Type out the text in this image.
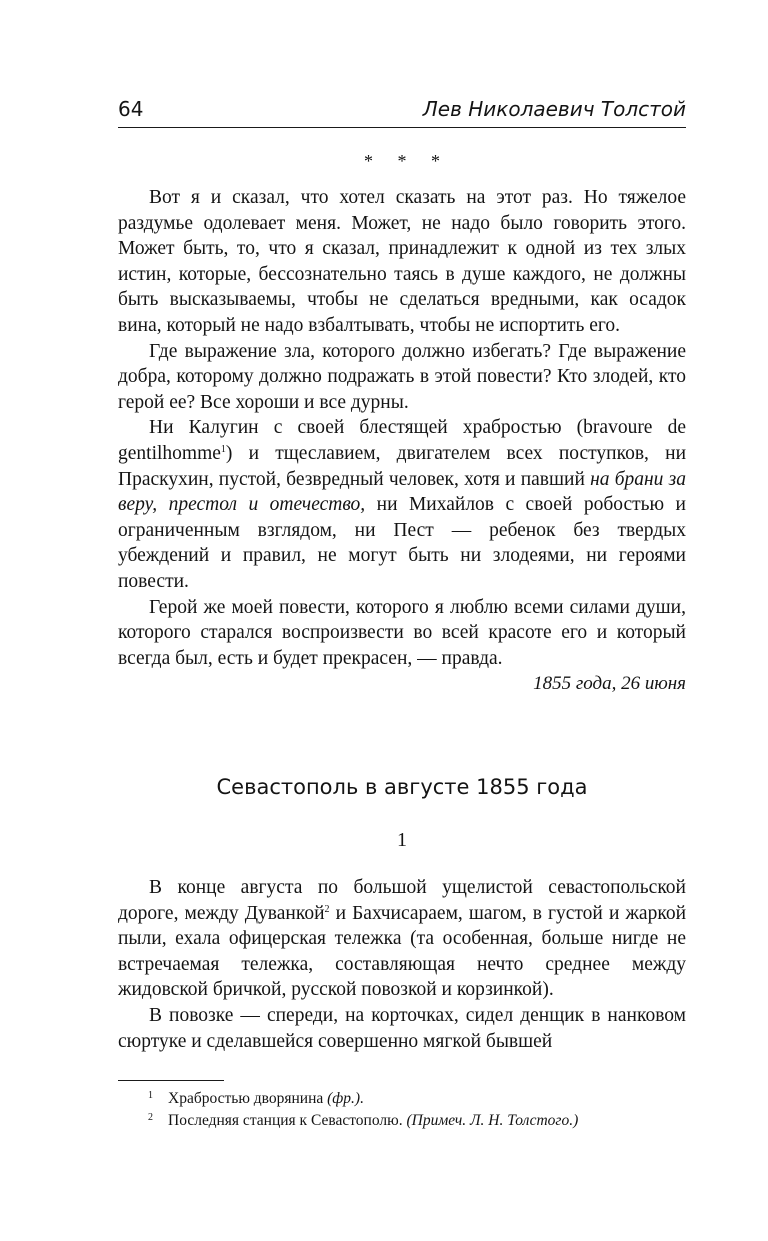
64	Лев Николаевич Толстой
* * *

Вот я и сказал, что хотел сказать на этот раз. Но тяжелое раздумье одолевает меня. Может, не надо было говорить этого. Может быть, то, что я сказал, принадлежит к одной из тех злых истин, которые, бессознательно таясь в душе каждого, не должны быть высказываемы, чтобы не сделаться вредными, как осадок вина, который не надо взбалтывать, чтобы не испортить его.

Где выражение зла, которого должно избегать? Где выражение добра, которому должно подражать в этой повести? Кто злодей, кто герой ее? Все хороши и все дурны.

Ни Калугин с своей блестящей храбростью (bravoure de gentilhomme$^1$) и тщеславием, двигателем всех поступков, ни Праскухин, пустой, безвредный человек, хотя и павший на брани за веру, престол и отечество, ни Михайлов с своей робостью и ограниченным взглядом, ни Пест — ребенок без твердых убеждений и правил, не могут быть ни злодеями, ни героями повести.

Герой же моей повести, которого я люблю всеми силами души, которого старался воспроизвести во всей красоте его и который всегда был, есть и будет прекрасен, — правда.

1855 года, 26 июня

Севастополь в августе 1855 года
1

В конце августа по большой ущелистой севастопольской дороге, между Дуванкой$^2$ и Бахчисараем, шагом, в густой и жаркой пыли, ехала офицерская тележка (та особенная, больше нигде не встречаемая тележка, составляющая нечто среднее между жидовской бричкой, русской повозкой и корзинкой).

В повозке — спереди, на корточках, сидел денщик в нанковом сюртуке и сделавшейся совершенно мягкой бывшей

1 Храбростью дворянина (фр.).
2 Последняя станция к Севастополю. (Примеч. Л. Н. Толстого.)
